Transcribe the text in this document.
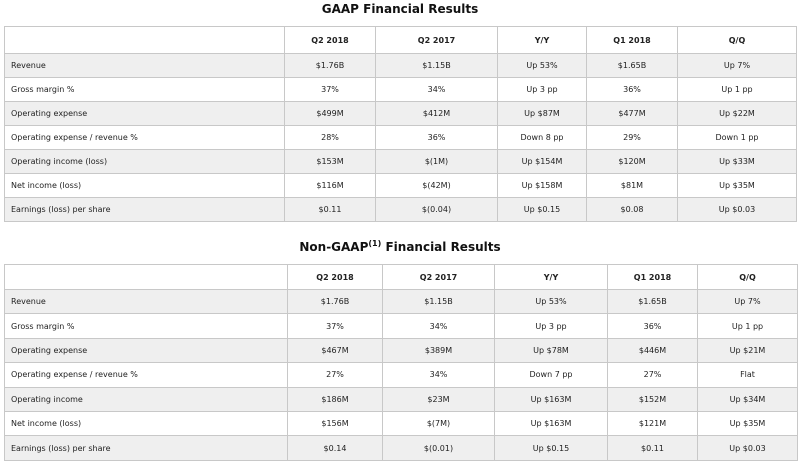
GAAP Financial Results
	Q2 2018	Q2 2017	Y/Y	Q1 2018	Q/Q
Revenue	$1.76B	$1.15B	Up 53%	$1.65B	Up 7%
Gross margin %	37%	34%	Up 3 pp	36%	Up 1 pp
Operating expense	$499M	$412M	Up $87M	$477M	Up $22M
Operating expense / revenue %	28%	36%	Down 8 pp	29%	Down 1 pp
Operating income (loss)	$153M	$(1M)	Up $154M	$120M	Up $33M
Net income (loss)	$116M	$(42M)	Up $158M	$81M	Up $35M
Earnings (loss) per share	$0.11	$(0.04)	Up $0.15	$0.08	Up $0.03
Non-GAAP$^{(1)}$ Financial Results
	Q2 2018	Q2 2017	Y/Y	Q1 2018	Q/Q
Revenue	$1.76B	$1.15B	Up 53%	$1.65B	Up 7%
Gross margin %	37%	34%	Up 3 pp	36%	Up 1 pp
Operating expense	$467M	$389M	Up $78M	$446M	Up $21M
Operating expense / revenue %	27%	34%	Down 7 pp	27%	Flat
Operating income	$186M	$23M	Up $163M	$152M	Up $34M
Net income (loss)	$156M	$(7M)	Up $163M	$121M	Up $35M
Earnings (loss) per share	$0.14	$(0.01)	Up $0.15	$0.11	Up $0.03
